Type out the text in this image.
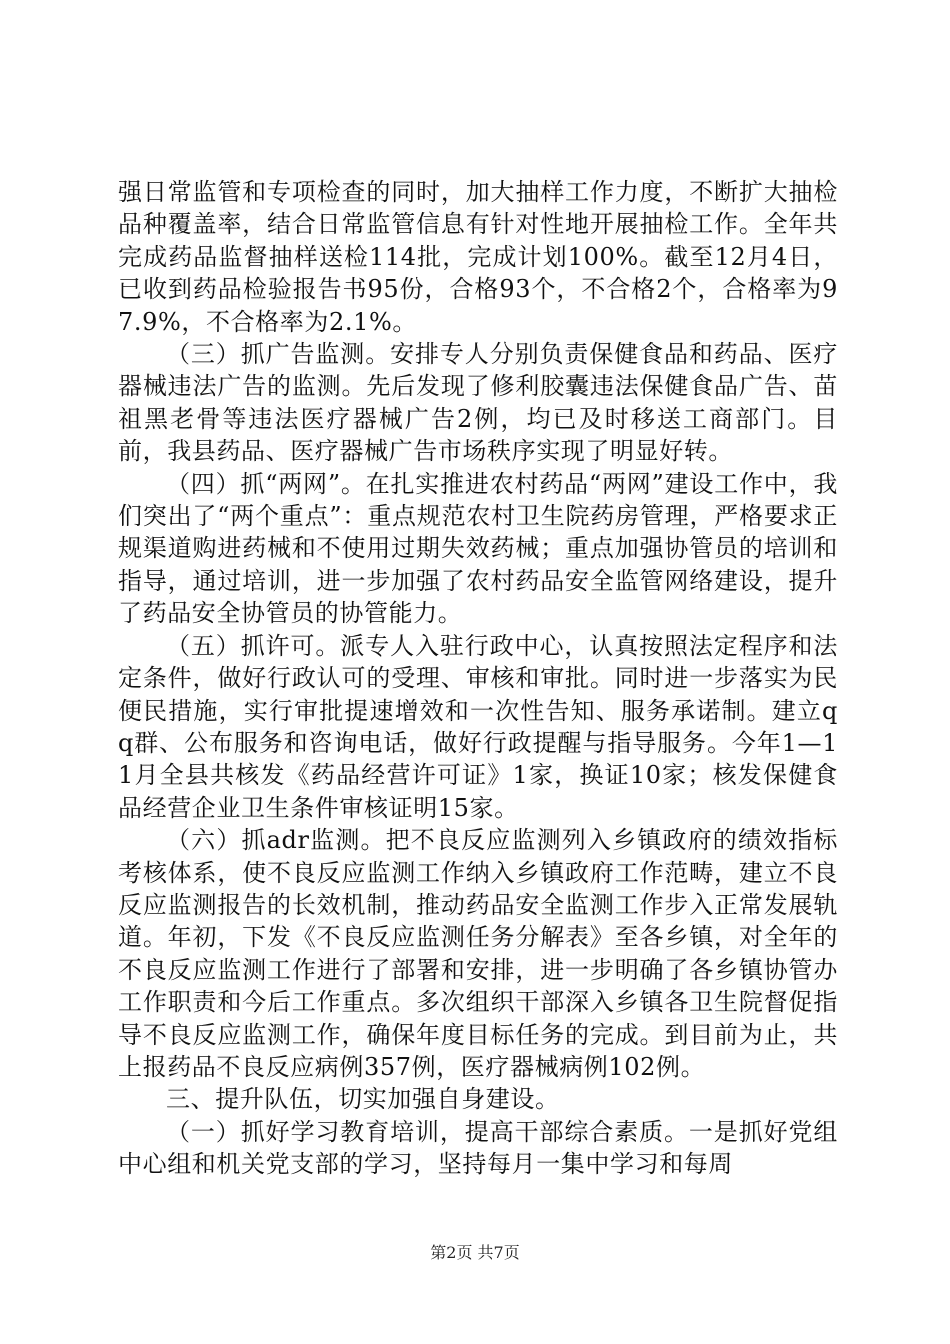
强日常监管和专项检查的同时，加大抽样工作力度，不断扩大抽检品种覆盖率，结合日常监管信息有针对性地开展抽检工作。全年共完成药品监督抽样送检114批，完成计划100%。截至12月4日，已收到药品检验报告书95份，合格93个，不合格2个，合格率为97.9%，不合格率为2.1%。

（三）抓广告监测。安排专人分别负责保健食品和药品、医疗器械违法广告的监测。先后发现了修利胶囊违法保健食品广告、苗祖黑老骨等违法医疗器械广告2例，均已及时移送工商部门。目前，我县药品、医疗器械广告市场秩序实现了明显好转。

（四）抓“两网”。在扎实推进农村药品“两网”建设工作中，我们突出了“两个重点”：重点规范农村卫生院药房管理，严格要求正规渠道购进药械和不使用过期失效药械；重点加强协管员的培训和指导，通过培训，进一步加强了农村药品安全监管网络建设，提升了药品安全协管员的协管能力。

（五）抓许可。派专人入驻行政中心，认真按照法定程序和法定条件，做好行政认可的受理、审核和审批。同时进一步落实为民便民措施，实行审批提速增效和一次性告知、服务承诺制。建立qq群、公布服务和咨询电话，做好行政提醒与指导服务。今年1—11月全县共核发《药品经营许可证》1家，换证10家；核发保健食品经营企业卫生条件审核证明15家。

（六）抓adr监测。把不良反应监测列入乡镇政府的绩效指标考核体系，使不良反应监测工作纳入乡镇政府工作范畴，建立不良反应监测报告的长效机制，推动药品安全监测工作步入正常发展轨道。年初，下发《不良反应监测任务分解表》至各乡镇，对全年的不良反应监测工作进行了部署和安排，进一步明确了各乡镇协管办工作职责和今后工作重点。多次组织干部深入乡镇各卫生院督促指导不良反应监测工作，确保年度目标任务的完成。到目前为止，共上报药品不良反应病例357例，医疗器械病例102例。

三、提升队伍，切实加强自身建设。

（一）抓好学习教育培训，提高干部综合素质。一是抓好党组中心组和机关党支部的学习，坚持每月一集中学习和每周

第2页 共7页
